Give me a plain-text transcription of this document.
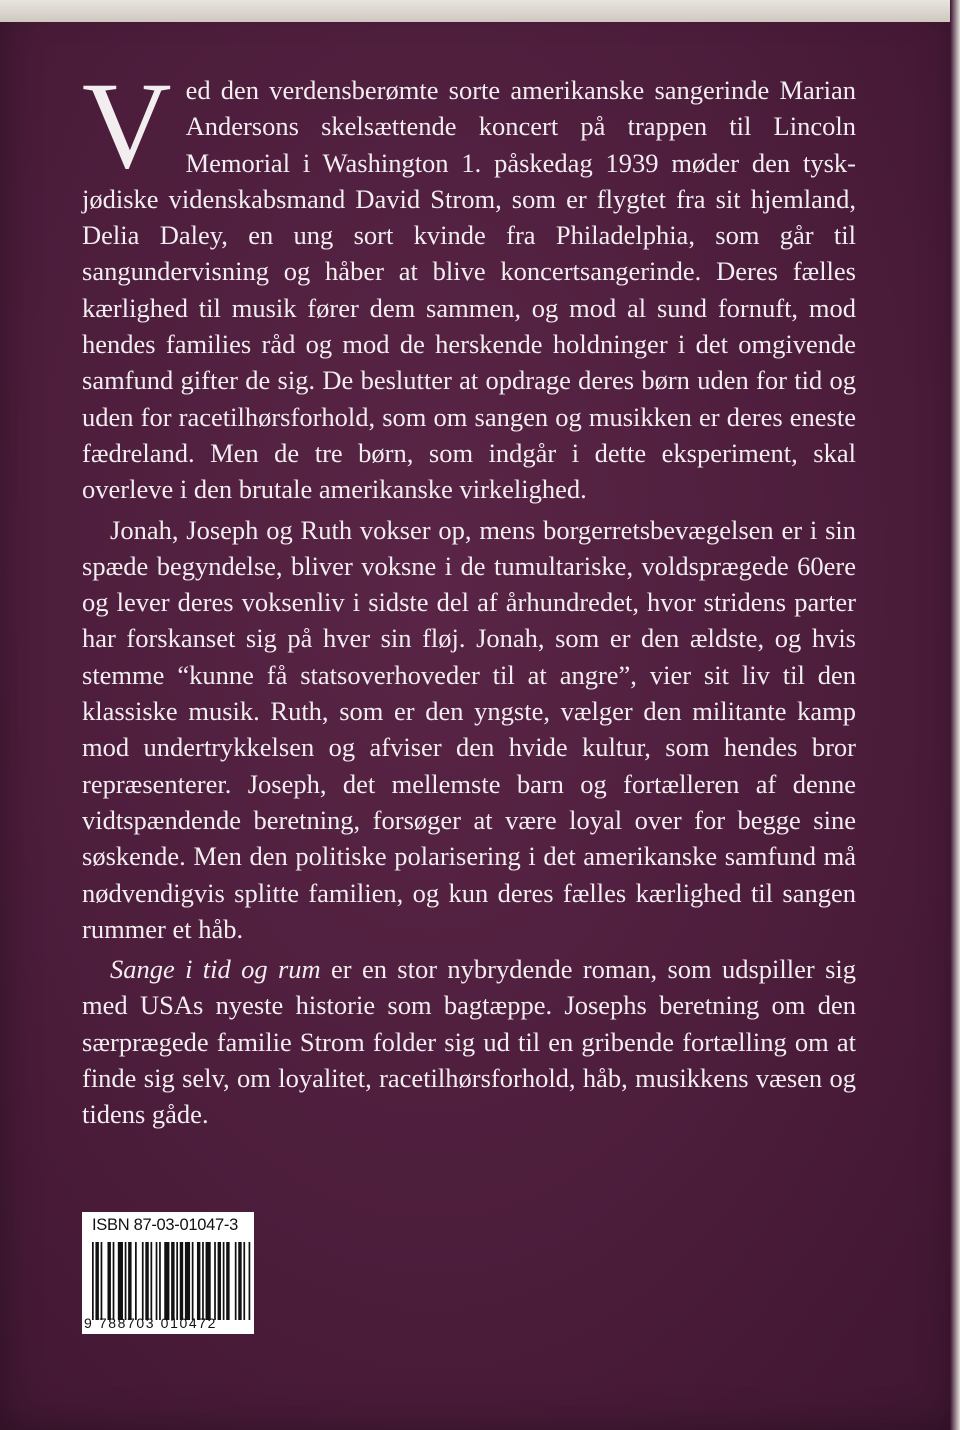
Ved den verdensberømte sorte amerikanske sangerinde Marian Andersons skelsættende koncert på trappen til Lincoln Memorial i Washington 1. påskedag 1939 møder den tysk-jødiske videnskabsmand David Strom, som er flygtet fra sit hjemland, Delia Daley, en ung sort kvinde fra Philadelphia, som går til sangundervisning og håber at blive koncertsangerinde. Deres fælles kærlighed til musik fører dem sammen, og mod al sund fornuft, mod hendes families råd og mod de herskende holdninger i det omgivende samfund gifter de sig. De beslutter at opdrage deres børn uden for tid og uden for racetilhørsforhold, som om sangen og musikken er deres eneste fædreland. Men de tre børn, som indgår i dette eksperiment, skal overleve i den brutale amerikanske virkelighed.

Jonah, Joseph og Ruth vokser op, mens borgerretsbevægelsen er i sin spæde begyndelse, bliver voksne i de tumultariske, voldsprægede 60ere og lever deres voksenliv i sidste del af århundredet, hvor stridens parter har forskanset sig på hver sin fløj. Jonah, som er den ældste, og hvis stemme “kunne få statsoverhoveder til at angre”, vier sit liv til den klassiske musik. Ruth, som er den yngste, vælger den militante kamp mod undertrykkelsen og afviser den hvide kultur, som hendes bror repræsenterer. Joseph, det mellemste barn og fortælleren af denne vidtspændende beretning, forsøger at være loyal over for begge sine søskende. Men den politiske polarisering i det amerikanske samfund må nødvendigvis splitte familien, og kun deres fælles kærlighed til sangen rummer et håb.

Sange i tid og rum er en stor nybrydende roman, som udspiller sig med USAs nyeste historie som bagtæppe. Josephs beretning om den særprægede familie Strom folder sig ud til en gribende fortælling om at finde sig selv, om loyalitet, racetilhørsforhold, håb, musikkens væsen og tidens gåde.

ISBN 87-03-01047-3
9 788703 010472
